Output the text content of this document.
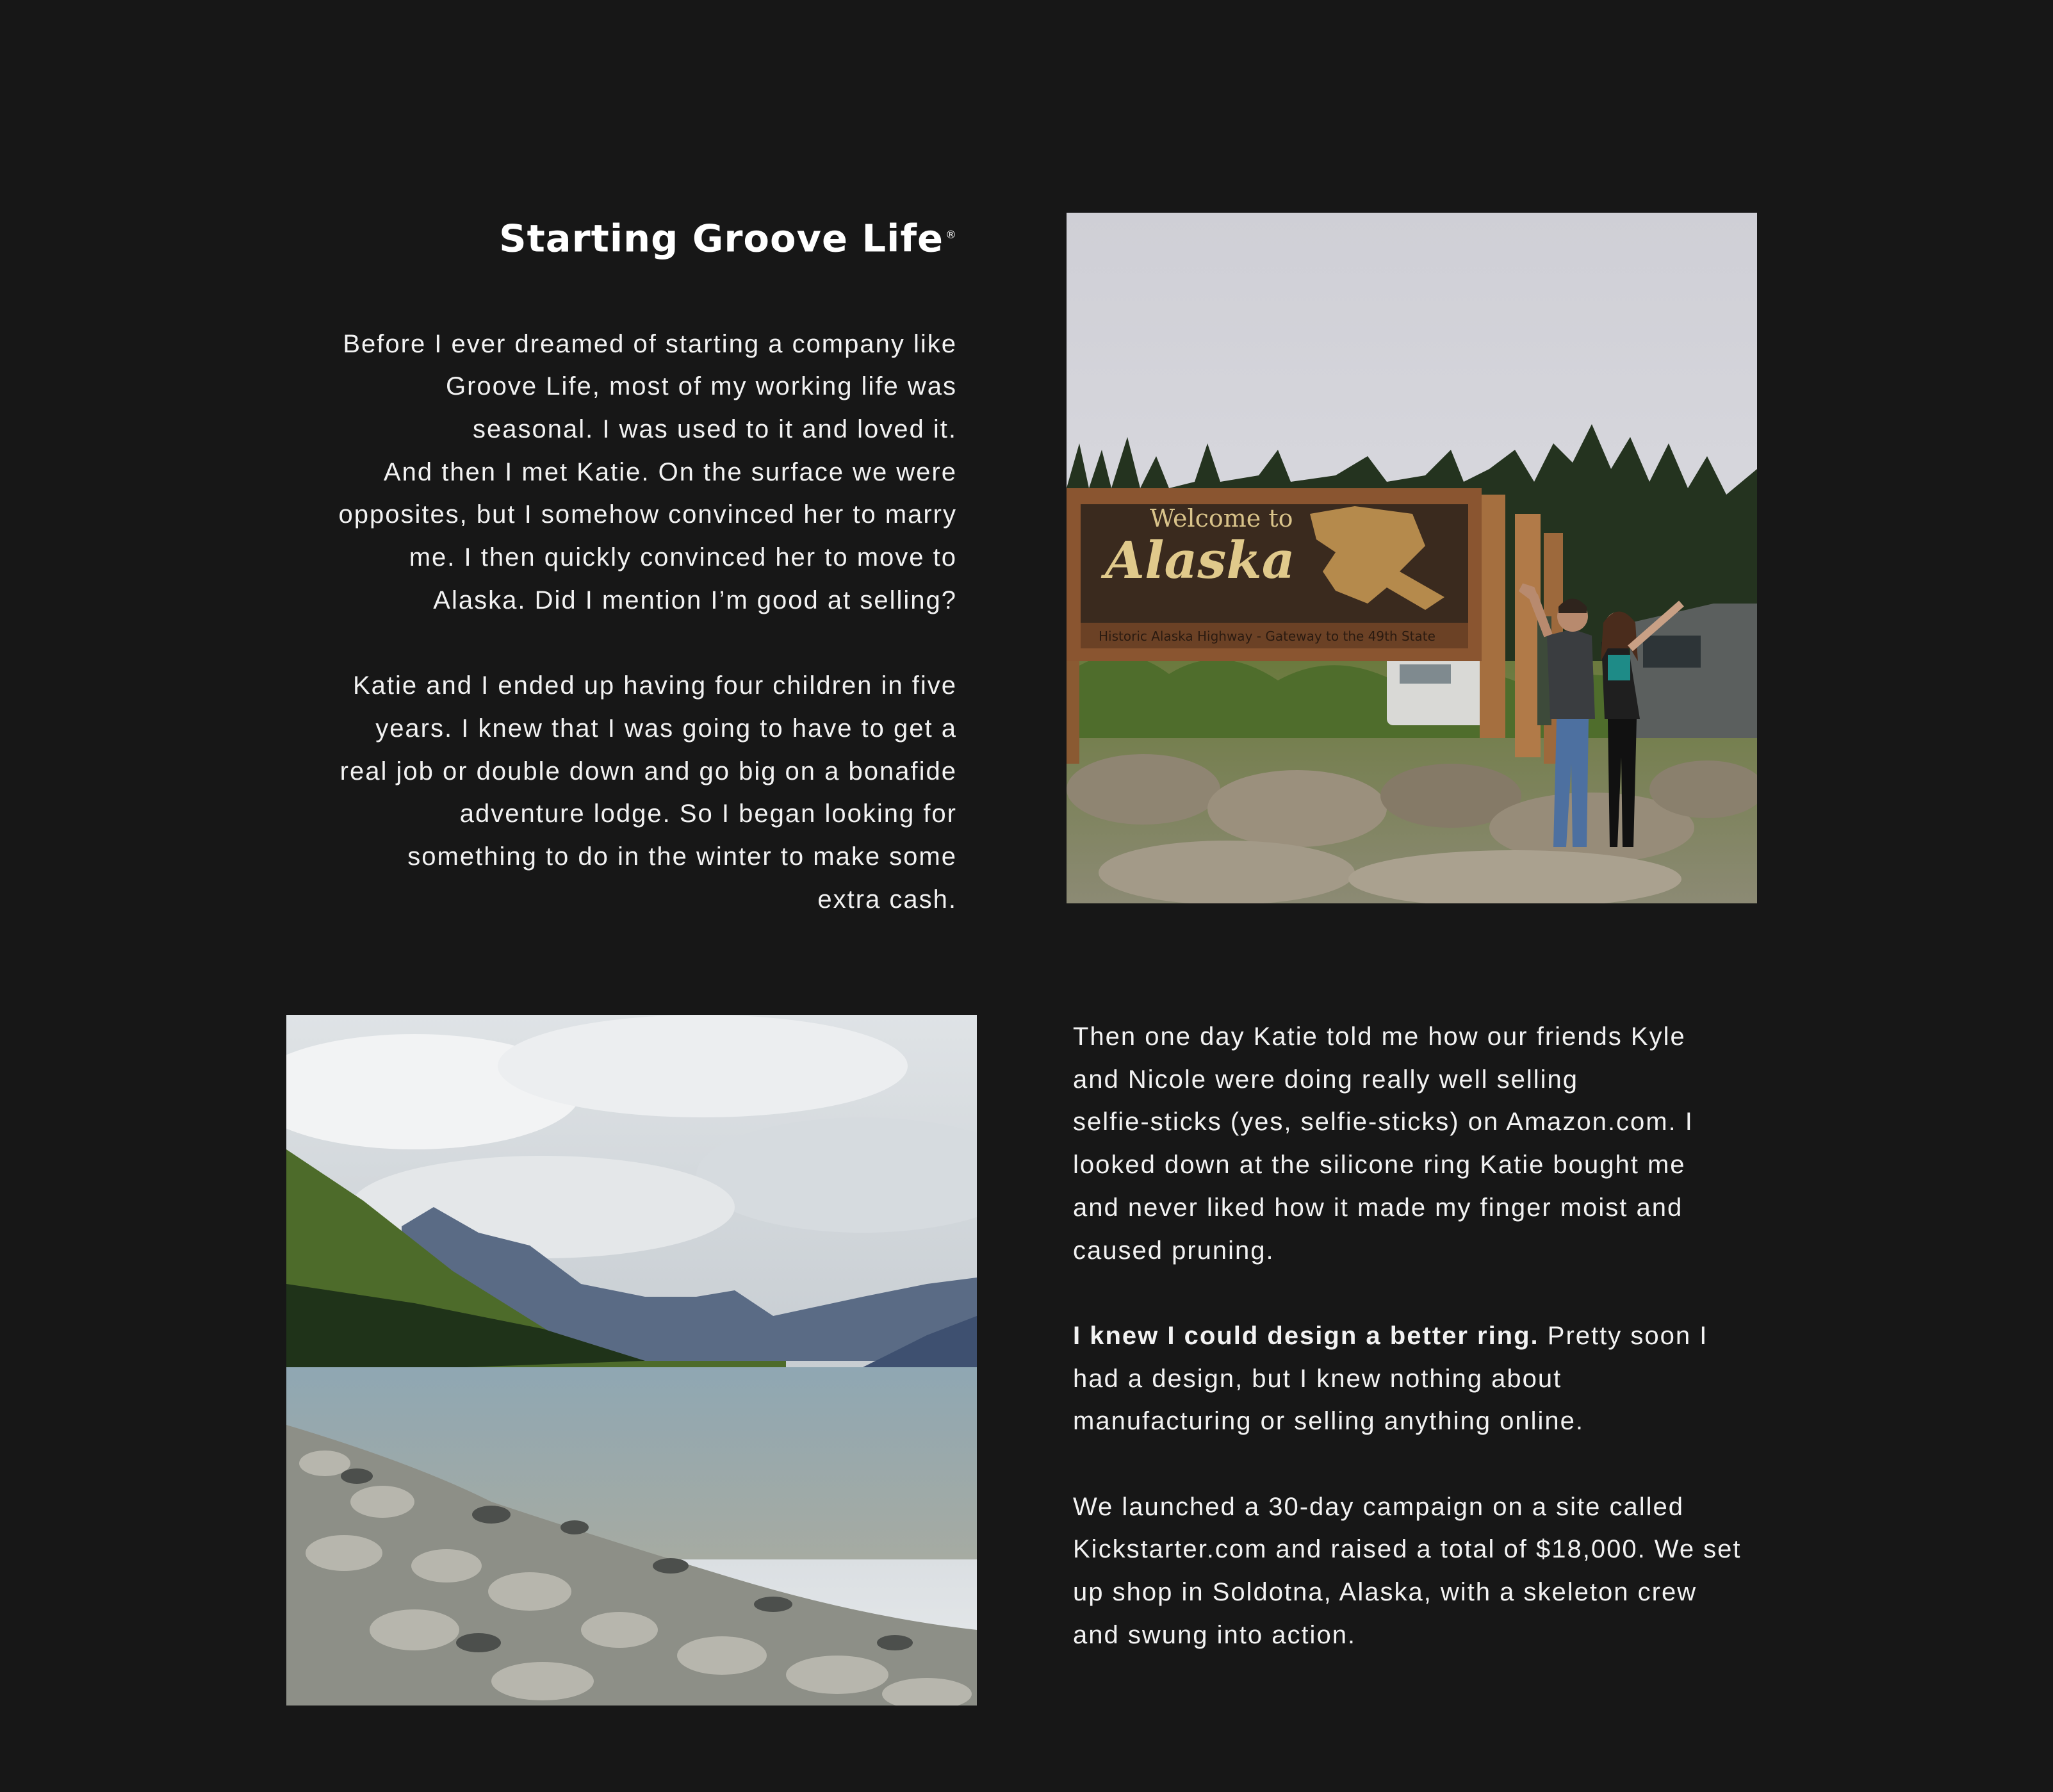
Starting Groove Life ®

Before I ever dreamed of starting a company like
Groove Life, most of my working life was
seasonal. I was used to it and loved it.
And then I met Katie. On the surface we were
opposites, but I somehow convinced her to marry
me. I then quickly convinced her to move to
Alaska. Did I mention I’m good at selling?

Katie and I ended up having four children in five
years. I knew that I was going to have to get a
real job or double down and go big on a bonafide
adventure lodge. So I began looking for
something to do in the winter to make some
extra cash.

Welcome to
Alaska
Historic Alaska Highway - Gateway to the 49th State

Then one day Katie told me how our friends Kyle
and Nicole were doing really well selling
selfie-sticks (yes, selfie-sticks) on Amazon.com. I
looked down at the silicone ring Katie bought me
and never liked how it made my finger moist and
caused pruning.

I knew I could design a better ring. Pretty soon I
had a design, but I knew nothing about
manufacturing or selling anything online.

We launched a 30-day campaign on a site called
Kickstarter.com and raised a total of $18,000. We set
up shop in Soldotna, Alaska, with a skeleton crew
and swung into action.
